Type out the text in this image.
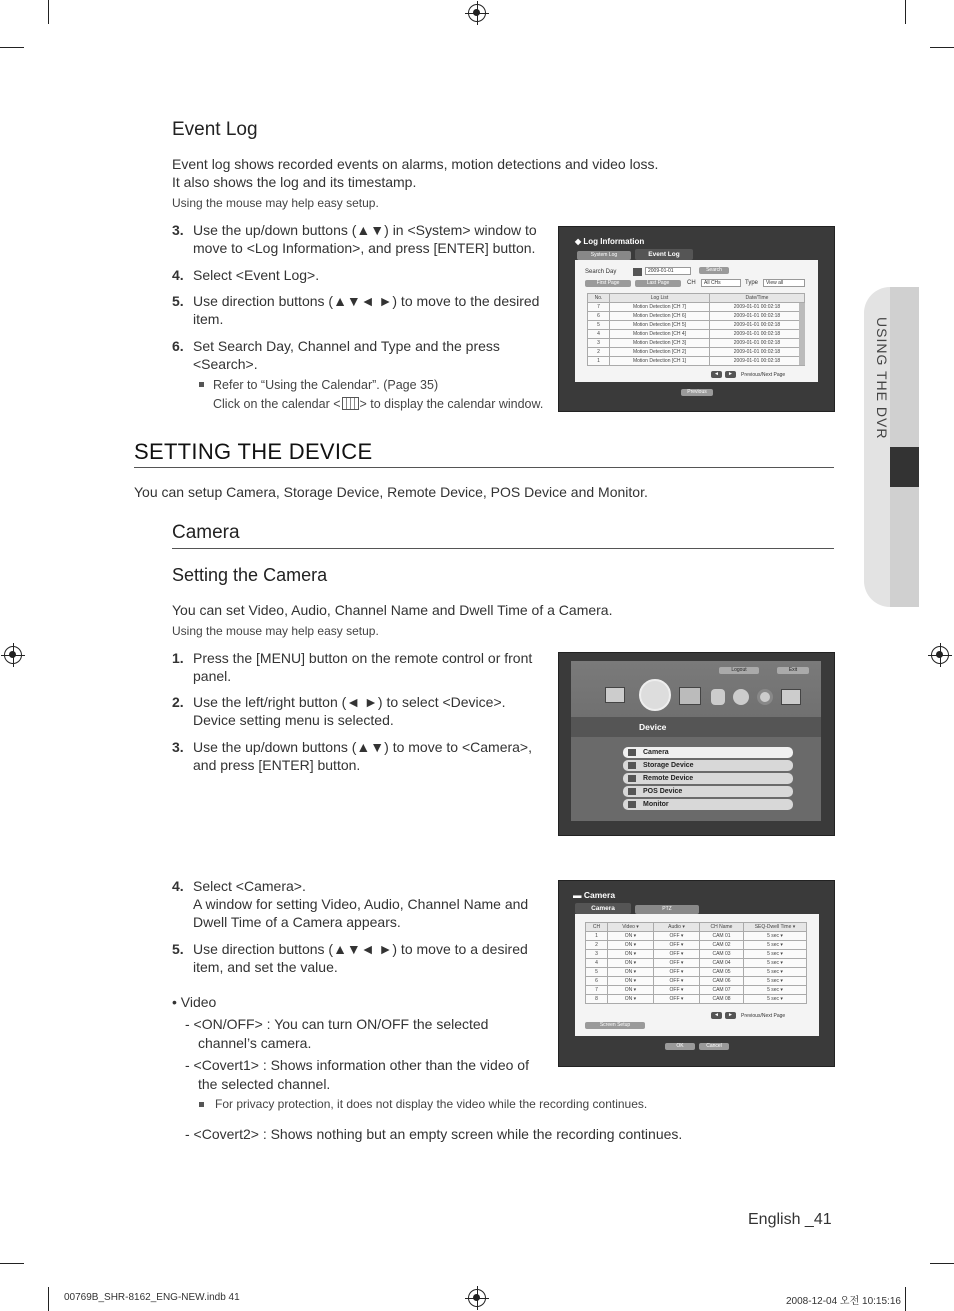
USING THE DVR
Event Log
Event log shows recorded events on alarms, motion detections and video loss.
It also shows the log and its timestamp.
Using the mouse may help easy setup.
3. Use the up/down buttons (▲▼) in <System> window to
move to <Log Information>, and press [ENTER] button.
4. Select <Event Log>.
5. Use direction buttons (▲▼◄ ►) to move to the desired
item.
6. Set Search Day, Channel and Type and the press
<Search>.
Refer to “Using the Calendar”. (Page 35)
Click on the calendar < > to display the calendar window.
◆ Log Information
System Log	Event Log
Search Day	2009-01-01	Search
First Page	Last Page	CH	All CHs	Type	View all
No.	Log List	Date/Time
7	Motion Detection [CH 7]	2009-01-01 00:02:18
6	Motion Detection [CH 6]	2009-01-01 00:02:18
5	Motion Detection [CH 5]	2009-01-01 00:02:18
4	Motion Detection [CH 4]	2009-01-01 00:02:18
3	Motion Detection [CH 3]	2009-01-01 00:02:18
2	Motion Detection [CH 2]	2009-01-01 00:02:18
1	Motion Detection [CH 1]	2009-01-01 00:02:18
◄	►	Previous/Next Page
Previous
SETTING THE DEVICE
You can setup Camera, Storage Device, Remote Device, POS Device and Monitor.
Camera
Setting the Camera
You can set Video, Audio, Channel Name and Dwell Time of a Camera.
Using the mouse may help easy setup.
1. Press the [MENU] button on the remote control or front
panel.
2. Use the left/right button (◄ ►) to select <Device>.
Device setting menu is selected.
3. Use the up/down buttons (▲▼) to move to <Camera>,
and press [ENTER] button.
Logout	Exit
Device
Camera
Storage Device
Remote Device
POS Device
Monitor
4. Select <Camera>.
A window for setting Video, Audio, Channel Name and
Dwell Time of a Camera appears.
5. Use direction buttons (▲▼◄ ►) to move to a desired
item, and set the value.
• Video
- <ON/OFF> : You can turn ON/OFF the selected
channel’s camera.
- <Covert1> : Shows information other than the video of
the selected channel.
For privacy protection, it does not display the video while the recording continues.
- <Covert2> : Shows nothing but an empty screen while the recording continues.
▬ Camera
Camera	PTZ
CH	Video ▾	Audio ▾	CH Name	SEQ-Dwell Time ▾
1	ON ▾	OFF ▾	CAM 01	5 sec ▾
2	ON ▾	OFF ▾	CAM 02	5 sec ▾
3	ON ▾	OFF ▾	CAM 03	5 sec ▾
4	ON ▾	OFF ▾	CAM 04	5 sec ▾
5	ON ▾	OFF ▾	CAM 05	5 sec ▾
6	ON ▾	OFF ▾	CAM 06	5 sec ▾
7	ON ▾	OFF ▾	CAM 07	5 sec ▾
8	ON ▾	OFF ▾	CAM 08	5 sec ▾
◄	►	Previous/Next Page
Screen Setup
OK	Cancel
English _41
00769B_SHR-8162_ENG-NEW.indb 41	2008-12-04 오전 10:15:16
